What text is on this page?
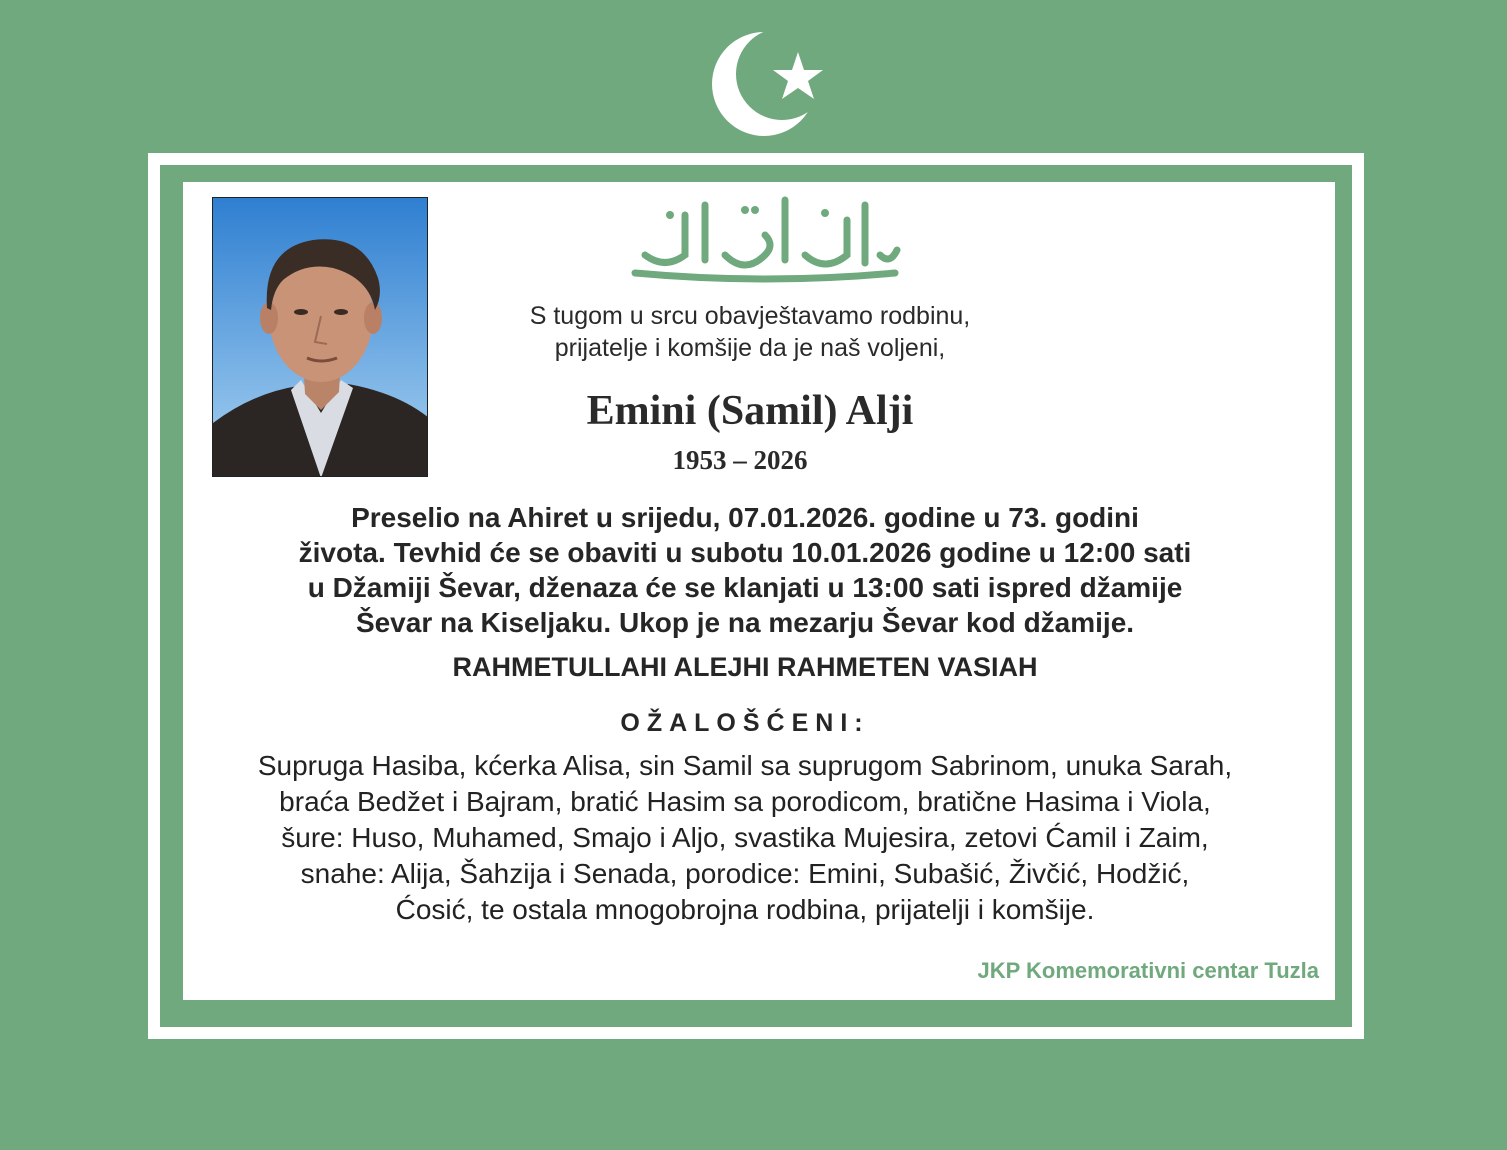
S tugom u srcu obavještavamo rodbinu,
prijatelje i komšije da je naš voljeni,
Emini (Samil) Alji
1953 – 2026
Preselio na Ahiret u srijedu, 07.01.2026. godine u 73. godini
života. Tevhid će se obaviti u subotu 10.01.2026 godine u 12:00 sati
u Džamiji Ševar, dženaza će se klanjati u 13:00 sati ispred džamije
Ševar na Kiseljaku. Ukop je na mezarju Ševar kod džamije.
RAHMETULLAHI ALEJHI RAHMETEN VASIAH
OŽALOŠĆENI:
Supruga Hasiba, kćerka Alisa, sin Samil sa suprugom Sabrinom, unuka Sarah,
braća Bedžet i Bajram, bratić Hasim sa porodicom, bratične Hasima i Viola,
šure: Huso, Muhamed, Smajo i Aljo, svastika Mujesira, zetovi Ćamil i Zaim,
snahe: Alija, Šahzija i Senada, porodice: Emini, Subašić, Živčić, Hodžić,
Ćosić, te ostala mnogobrojna rodbina, prijatelji i komšije.
JKP Komemorativni centar Tuzla
